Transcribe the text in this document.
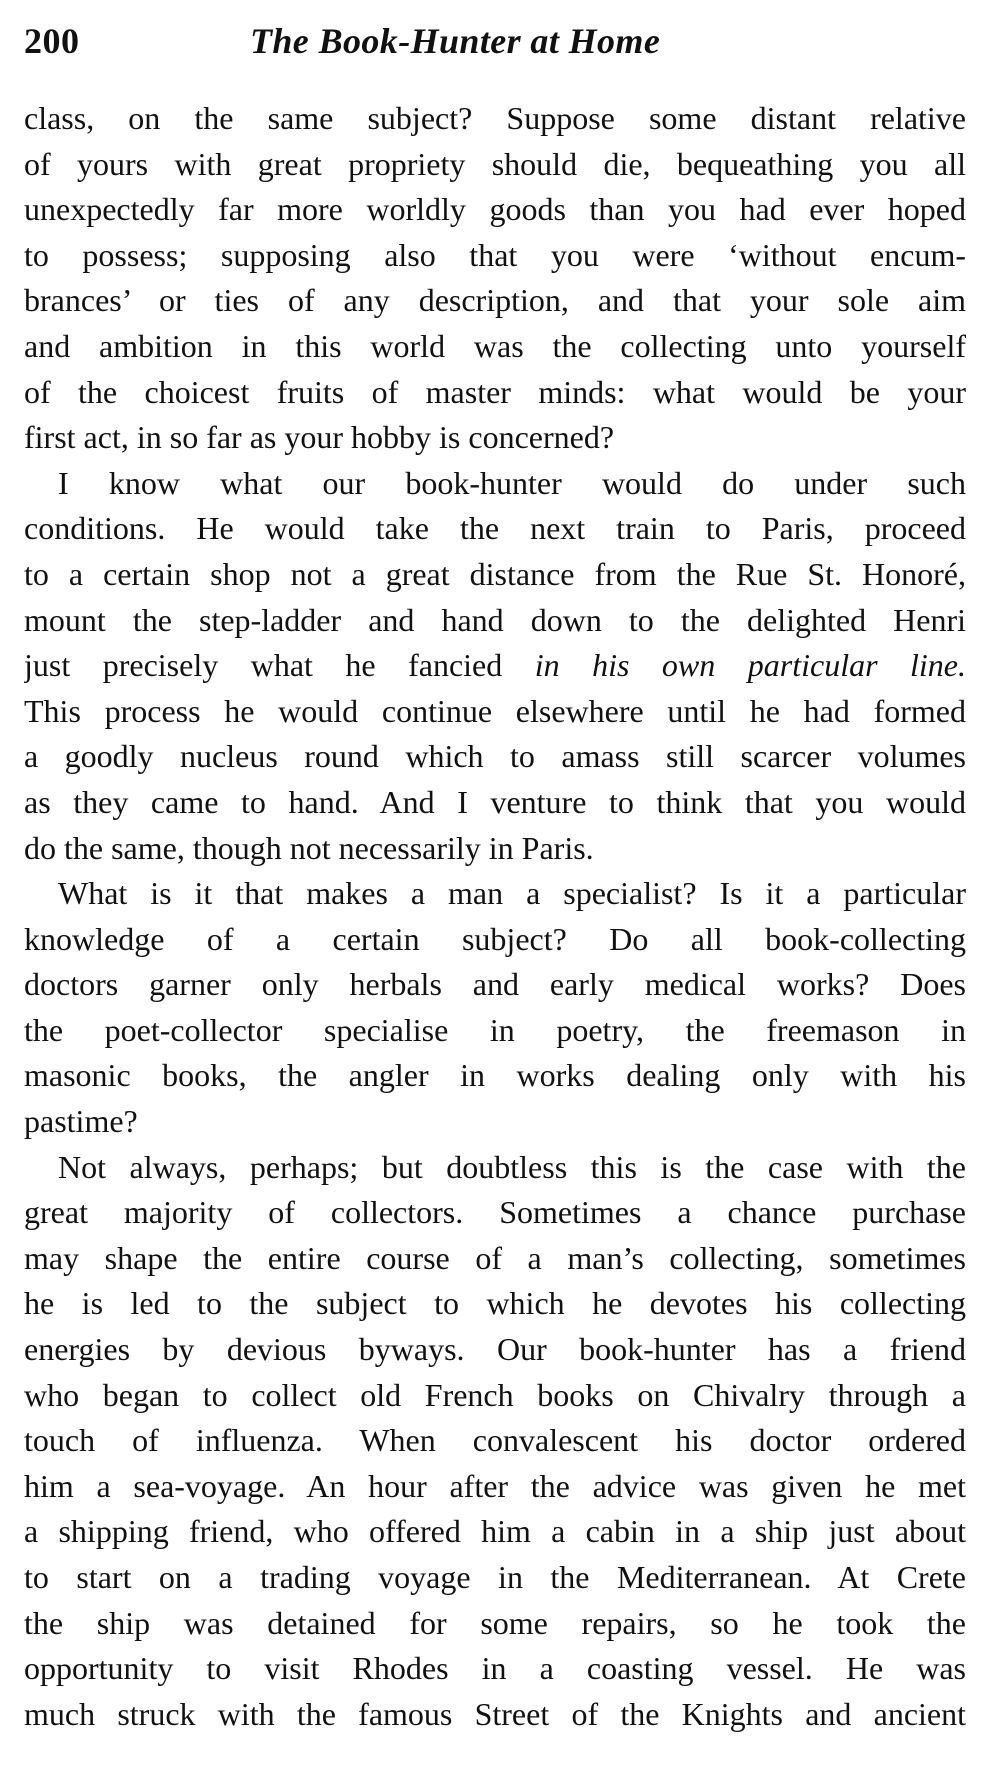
200	The Book-Hunter at Home
class, on the same subject? Suppose some distant relative
of yours with great propriety should die, bequeathing you all
unexpectedly far more worldly goods than you had ever hoped
to possess; supposing also that you were ‘without encum-
brances’ or ties of any description, and that your sole aim
and ambition in this world was the collecting unto yourself
of the choicest fruits of master minds: what would be your
first act, in so far as your hobby is concerned?
I know what our book-hunter would do under such
conditions. He would take the next train to Paris, proceed
to a certain shop not a great distance from the Rue St. Honoré,
mount the step-ladder and hand down to the delighted Henri
just precisely what he fancied in his own particular line.
This process he would continue elsewhere until he had formed
a goodly nucleus round which to amass still scarcer volumes
as they came to hand. And I venture to think that you would
do the same, though not necessarily in Paris.
What is it that makes a man a specialist? Is it a particular
knowledge of a certain subject? Do all book-collecting
doctors garner only herbals and early medical works? Does
the poet-collector specialise in poetry, the freemason in
masonic books, the angler in works dealing only with his
pastime?
Not always, perhaps; but doubtless this is the case with the
great majority of collectors. Sometimes a chance purchase
may shape the entire course of a man’s collecting, sometimes
he is led to the subject to which he devotes his collecting
energies by devious byways. Our book-hunter has a friend
who began to collect old French books on Chivalry through a
touch of influenza. When convalescent his doctor ordered
him a sea-voyage. An hour after the advice was given he met
a shipping friend, who offered him a cabin in a ship just about
to start on a trading voyage in the Mediterranean. At Crete
the ship was detained for some repairs, so he took the
opportunity to visit Rhodes in a coasting vessel. He was
much struck with the famous Street of the Knights and ancient
